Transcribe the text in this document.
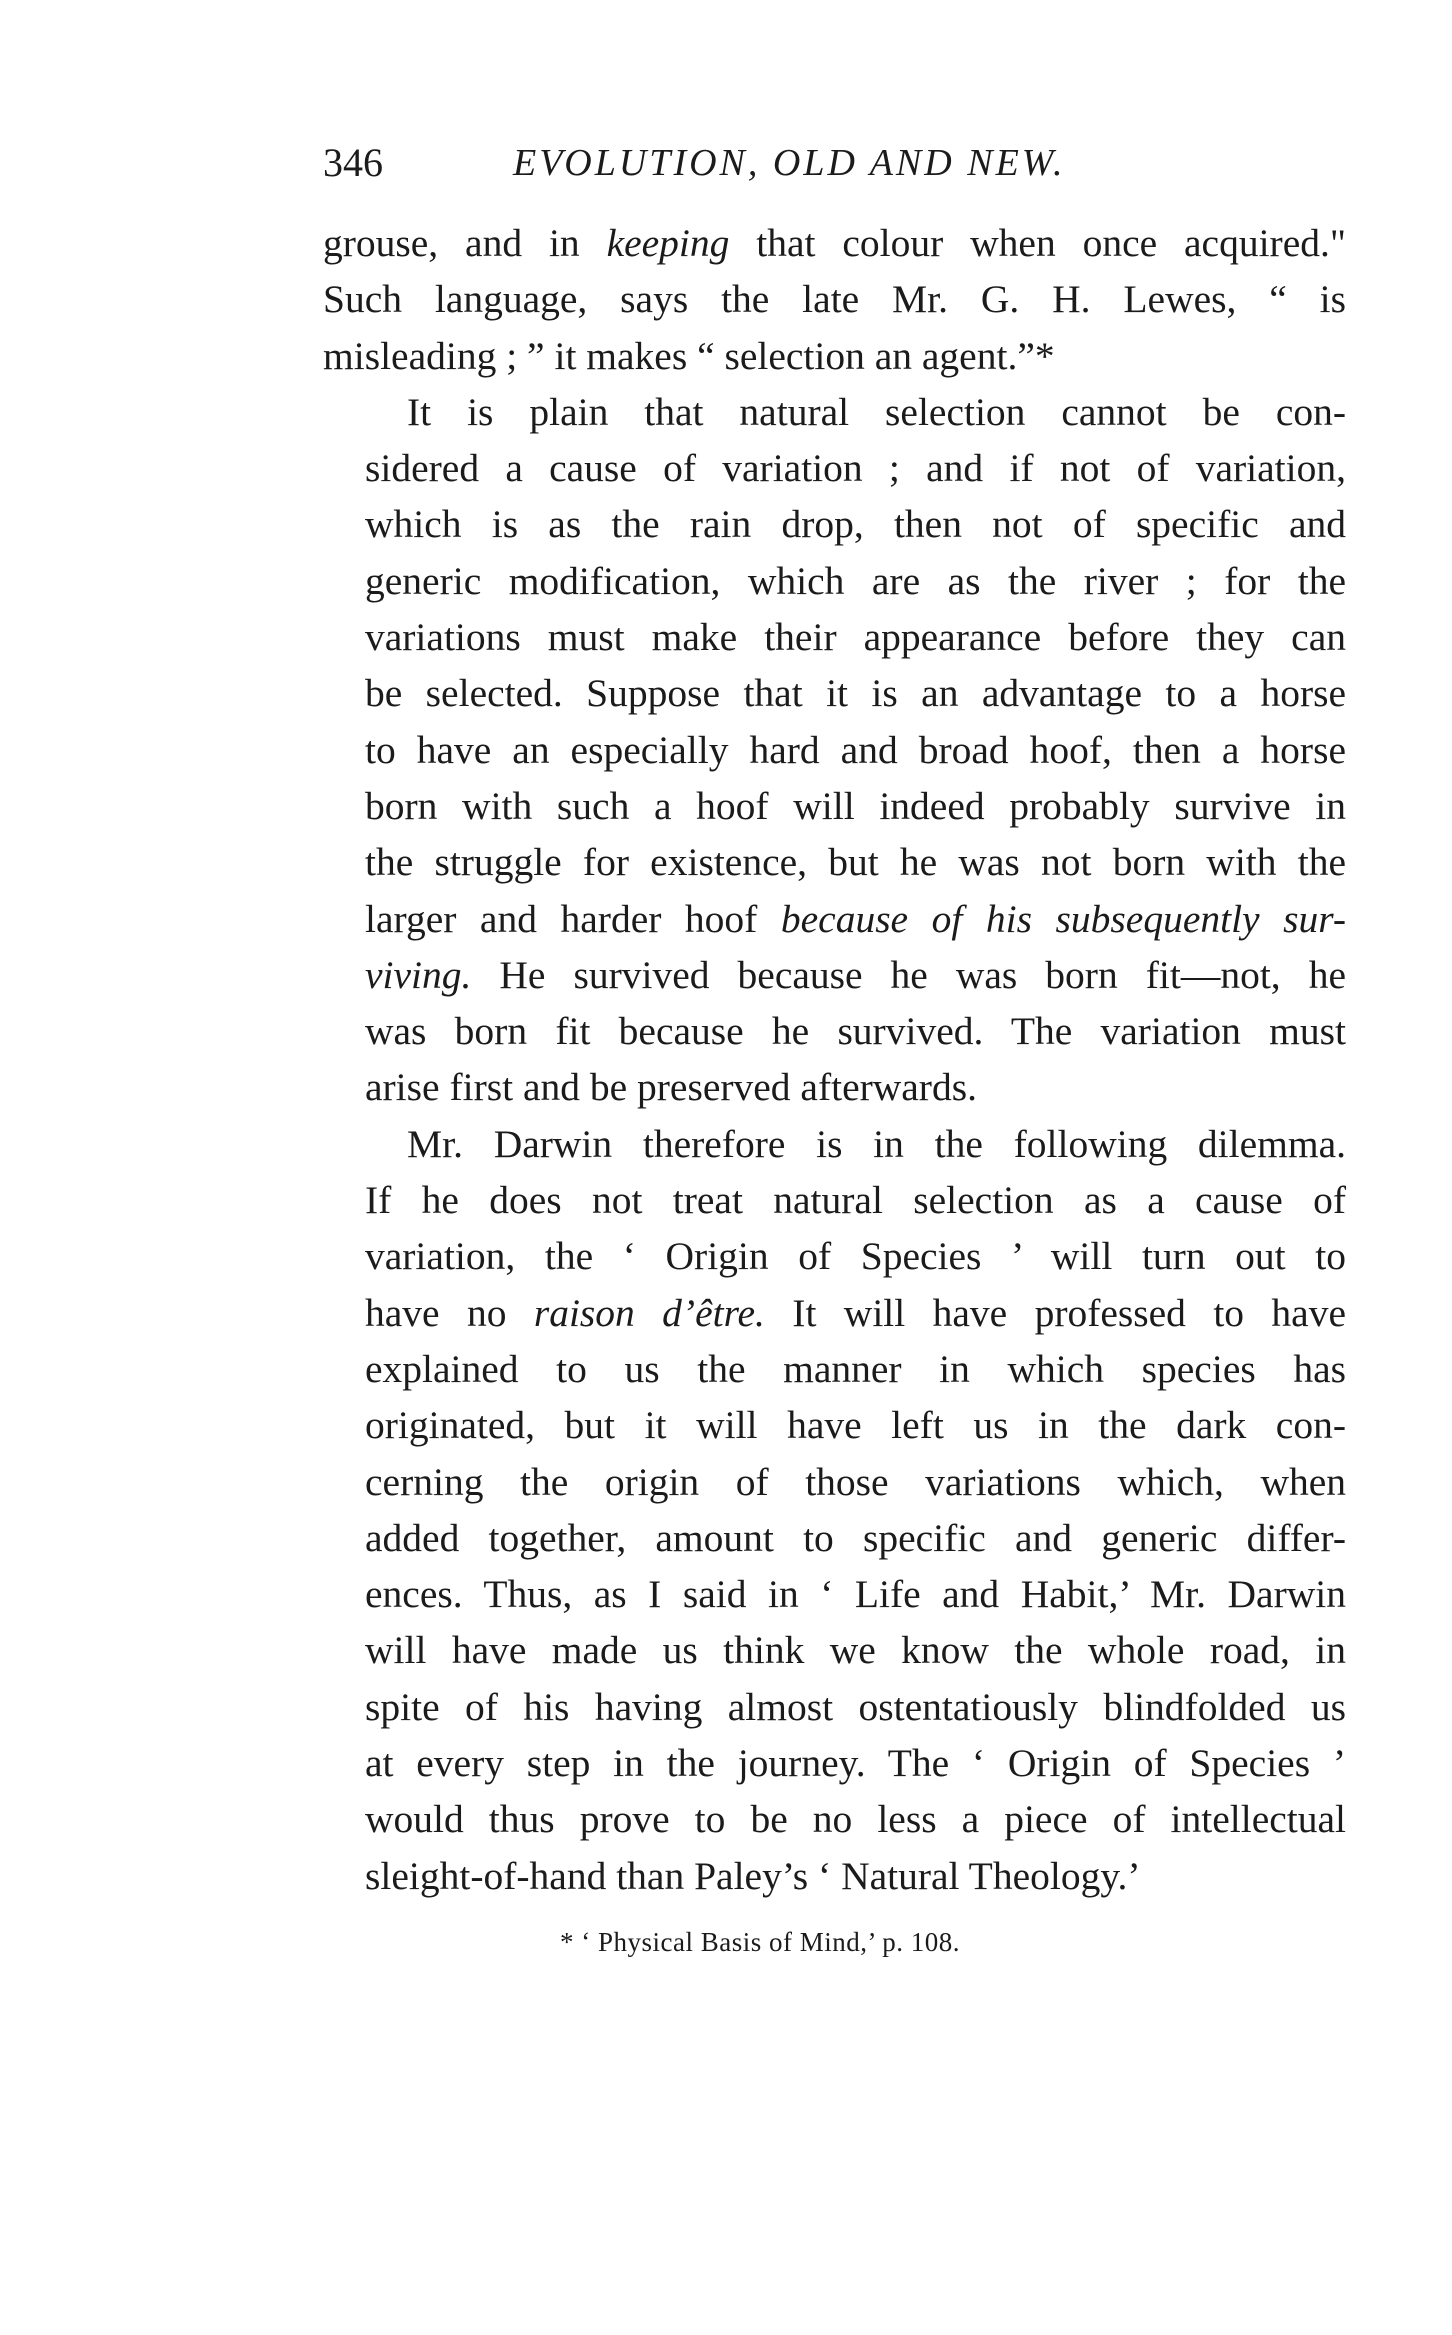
346	EVOLUTION, OLD AND NEW.
grouse, and in keeping that colour when once acquired."
Such language, says the late Mr. G. H. Lewes, “ is
misleading ; ” it makes “ selection an agent.”*
It is plain that natural selection cannot be con-
sidered a cause of variation ; and if not of variation,
which is as the rain drop, then not of specific and
generic modification, which are as the river ; for the
variations must make their appearance before they can
be selected. Suppose that it is an advantage to a horse
to have an especially hard and broad hoof, then a horse
born with such a hoof will indeed probably survive in
the struggle for existence, but he was not born with the
larger and harder hoof because of his subsequently sur-
viving. He survived because he was born fit—not, he
was born fit because he survived. The variation must
arise first and be preserved afterwards.
Mr. Darwin therefore is in the following dilemma.
If he does not treat natural selection as a cause of
variation, the ‘ Origin of Species ’ will turn out to
have no raison d’être. It will have professed to have
explained to us the manner in which species has
originated, but it will have left us in the dark con-
cerning the origin of those variations which, when
added together, amount to specific and generic differ-
ences. Thus, as I said in ‘ Life and Habit,’ Mr. Darwin
will have made us think we know the whole road, in
spite of his having almost ostentatiously blindfolded us
at every step in the journey. The ‘ Origin of Species ’
would thus prove to be no less a piece of intellectual
sleight-of-hand than Paley’s ‘ Natural Theology.’
* ‘ Physical Basis of Mind,’ p. 108.
